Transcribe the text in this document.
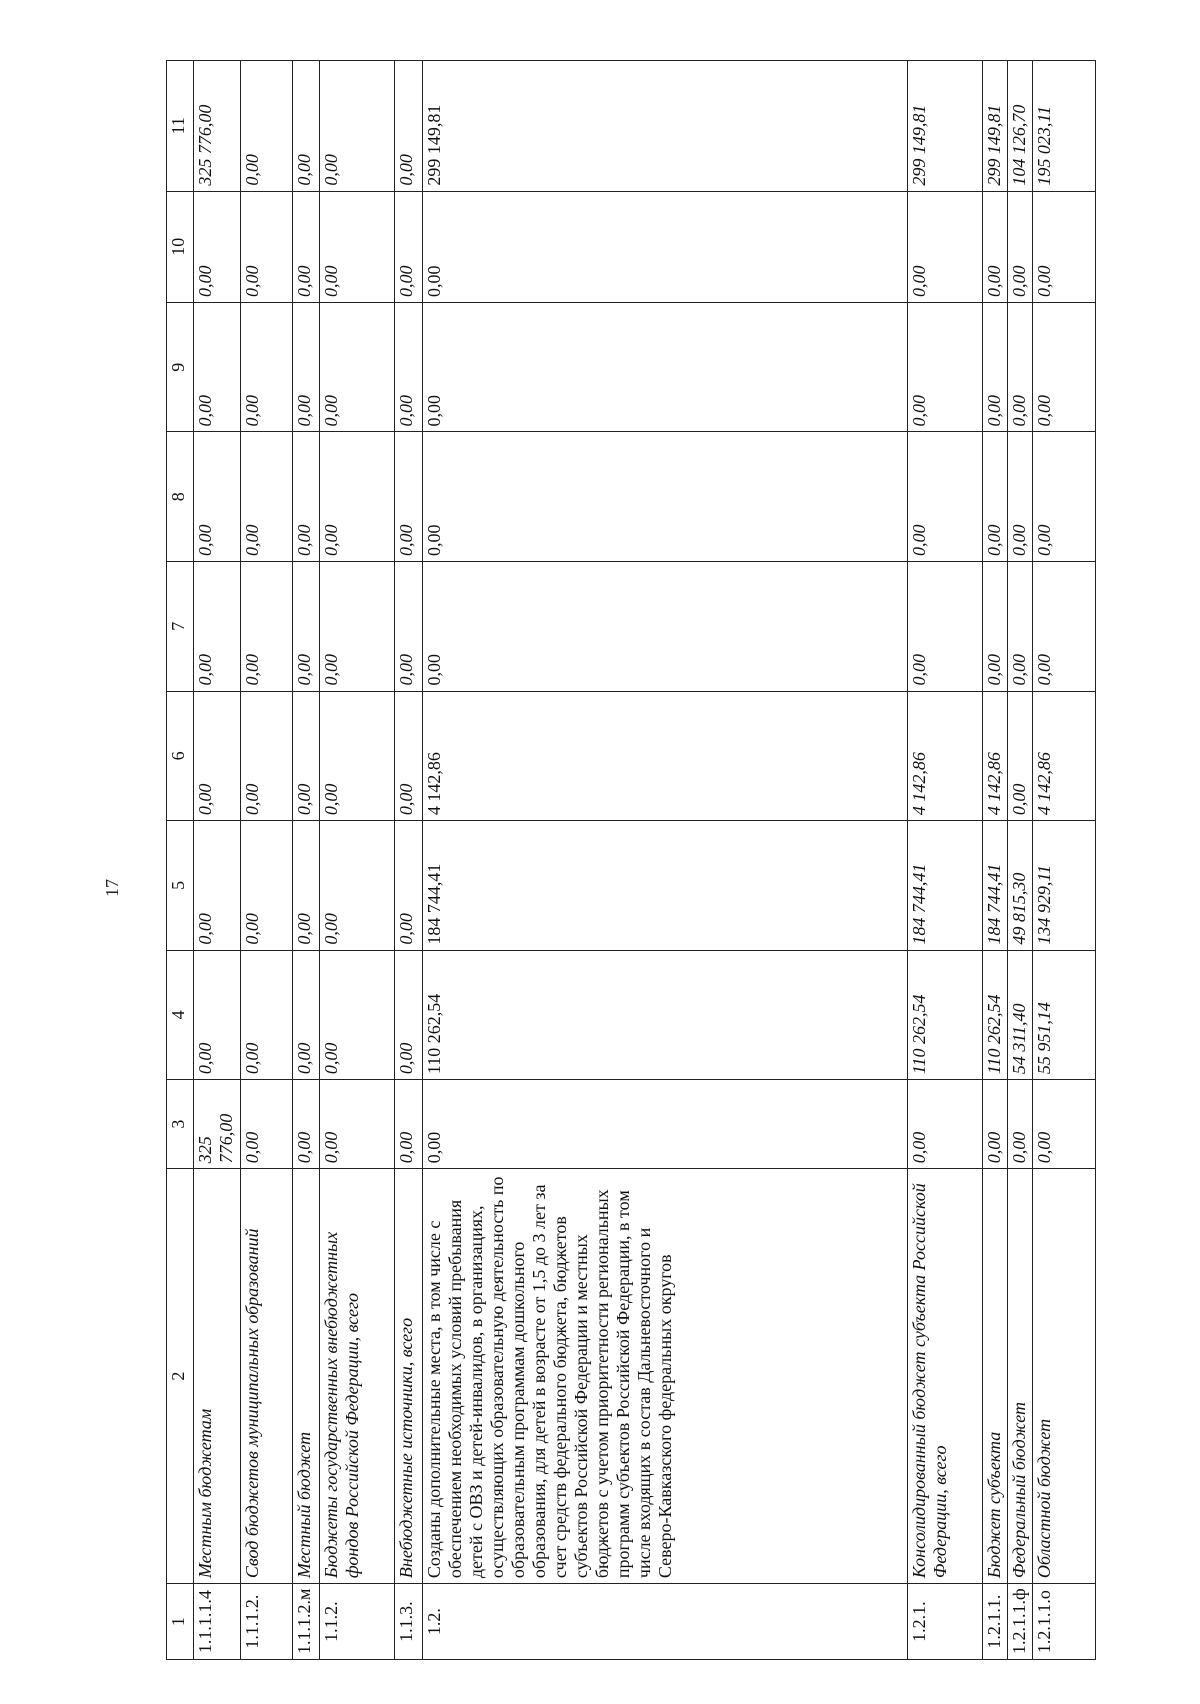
17
1	2	3	4	5	6	7	8	9	10	11
1.1.1.1.4	Местным бюджетам	325 776,00	0,00	0,00	0,00	0,00	0,00	0,00	0,00	325 776,00
1.1.1.2.	Свод бюджетов муниципальных образований	0,00	0,00	0,00	0,00	0,00	0,00	0,00	0,00	0,00
1.1.1.2.м	Местный бюджет	0,00	0,00	0,00	0,00	0,00	0,00	0,00	0,00	0,00
1.1.2.	Бюджеты государственных внебюджетных фондов Российской Федерации, всего	0,00	0,00	0,00	0,00	0,00	0,00	0,00	0,00	0,00
1.1.3.	Внебюджетные источники, всего	0,00	0,00	0,00	0,00	0,00	0,00	0,00	0,00	0,00
1.2.	Созданы дополнительные места, в том числе с обеспечением необходимых условий пребывания детей с ОВЗ и детей-инвалидов, в организациях, осуществляющих образовательную деятельность по образовательным программам дошкольного образования, для детей в возрасте от 1,5 до 3 лет за счет средств федерального бюджета, бюджетов субъектов Российской Федерации и местных бюджетов с учетом приоритетности региональных программ субъектов Российской Федерации, в том числе входящих в состав Дальневосточного и Северо-Кавказского федеральных округов	0,00	110 262,54	184 744,41	4 142,86	0,00	0,00	0,00	0,00	299 149,81
1.2.1.	Консолидированный бюджет субъекта Российской Федерации, всего	0,00	110 262,54	184 744,41	4 142,86	0,00	0,00	0,00	0,00	299 149,81
1.2.1.1.	Бюджет субъекта	0,00	110 262,54	184 744,41	4 142,86	0,00	0,00	0,00	0,00	299 149,81
1.2.1.1.ф	Федеральный бюджет	0,00	54 311,40	49 815,30	0,00	0,00	0,00	0,00	0,00	104 126,70
1.2.1.1.о	Областной бюджет	0,00	55 951,14	134 929,11	4 142,86	0,00	0,00	0,00	0,00	195 023,11
